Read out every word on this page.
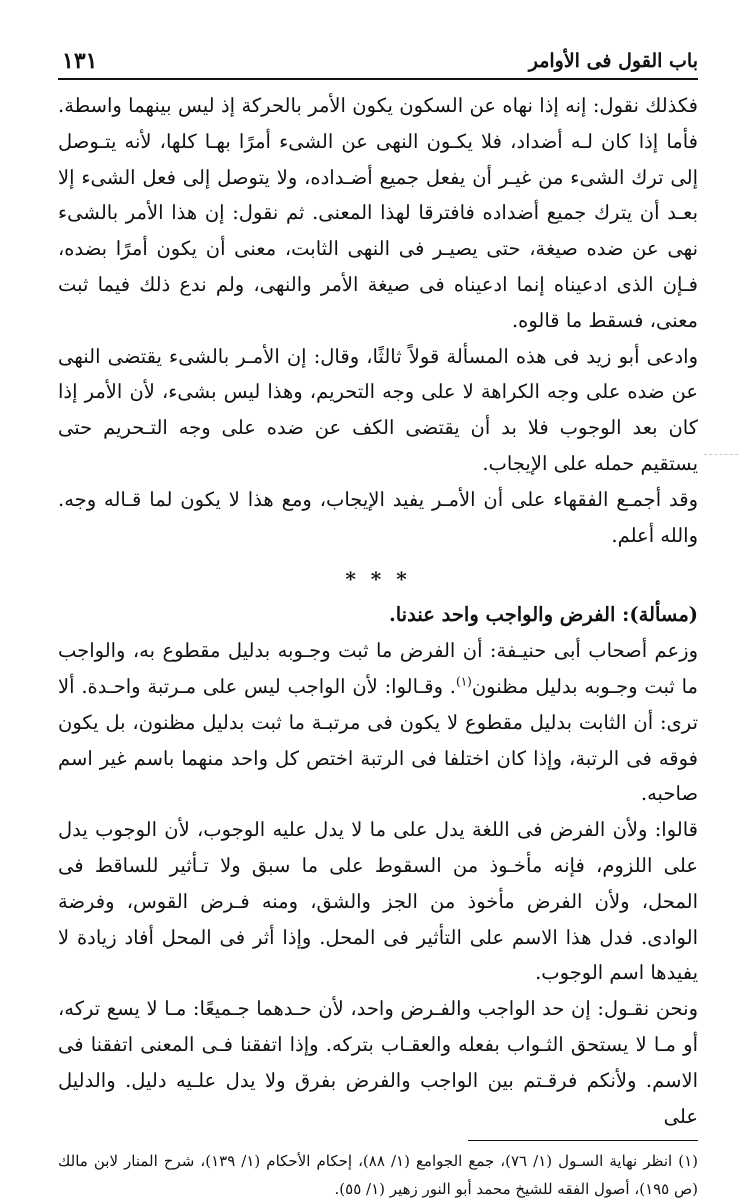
باب القول فى الأوامر
١٣١

فكذلك نقول: إنه إذا نهاه عن السكون يكون الأمر بالحركة إذ ليس بينهما واسطة. فأما إذا كان لـه أضداد، فلا يكـون النهى عن الشىء أمرًا بهـا كلها، لأنه يتـوصل إلى ترك الشىء من غيـر أن يفعل جميع أضـداده، ولا يتوصل إلى فعل الشىء إلا بعـد أن يترك جميع أضداده فافترقا لهذا المعنى. ثم نقول: إن هذا الأمر بالشىء نهى عن ضده صيغة، حتى يصيـر فى النهى الثابت، معنى أن يكون أمرًا بضده، فـإن الذى ادعيناه إنما ادعيناه فى صيغة الأمر والنهى، ولم ندع ذلك فيما ثبت معنى، فسقط ما قالوه.

وادعى أبو زيد فى هذه المسألة قولاً ثالثًا، وقال: إن الأمـر بالشىء يقتضى النهى عن ضده على وجه الكراهة لا على وجه التحريم، وهذا ليس بشىء، لأن الأمر إذا كان بعد الوجوب فلا بد أن يقتضى الكف عن ضده على وجه التـحريم حتى يستقيم حمله على الإيجاب.

وقد أجمـع الفقهاء على أن الأمـر يفيد الإيجاب، ومع هذا لا يكون لما قـاله وجه. والله أعلم.

* * *

(مسألة): الفرض والواجب واحد عندنا.

وزعم أصحاب أبى حنيـفة: أن الفرض ما ثبت وجـوبه بدليل مقطوع به، والواجب ما ثبت وجـوبه بدليل مظنون$^{(١)}$. وقـالوا: لأن الواجب ليس على مـرتبة واحـدة. ألا ترى: أن الثابت بدليل مقطوع لا يكون فى مرتبـة ما ثبت بدليل مظنون، بل يكون فوقه فى الرتبة، وإذا كان اختلفا فى الرتبة اختص كل واحد منهما باسم غير اسم صاحبه.

قالوا: ولأن الفرض فى اللغة يدل على ما لا يدل عليه الوجوب، لأن الوجوب يدل على اللزوم، فإنه مأخـوذ من السقوط على ما سبق ولا تـأثير للساقط فى المحل، ولأن الفرض مأخوذ من الجز والشق، ومنه فـرض القوس، وفرضة الوادى. فدل هذا الاسم على التأثير فى المحل. وإذا أثر فى المحل أفاد زيادة لا يفيدها اسم الوجوب.

ونحن نقـول: إن حد الواجب والفـرض واحد، لأن حـدهما جـميعًا: مـا لا يسع تركه، أو مـا لا يستحق الثـواب بفعله والعقـاب بتركه. وإذا اتفقنا فـى المعنى اتفقنا فى الاسم. ولأنكم فرقـتم بين الواجب والفرض بفرق ولا يدل علـيه دليل. والدليل على

(١) انظر نهاية السـول (١/ ٧٦)، جمع الجوامع (١/ ٨٨)، إحكام الأحكام (١/ ١٣٩)، شرح المنار لابن مالك (ص ١٩٥)، أصول الفقه للشيخ محمد أبو النور زهير (١/ ٥٥).
